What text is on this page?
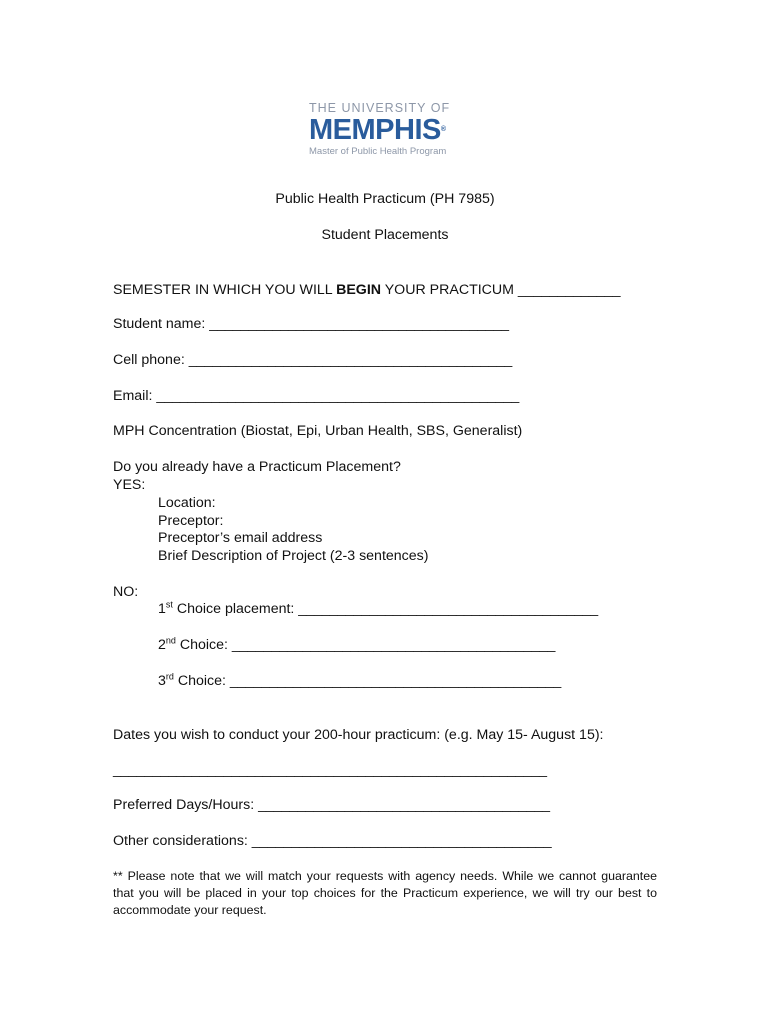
THE UNIVERSITY OF
MEMPHIS®
Master of Public Health Program
Public Health Practicum (PH 7985)
Student Placements
SEMESTER IN WHICH YOU WILL BEGIN YOUR PRACTICUM _____________
Student name: ______________________________________
Cell phone: _________________________________________
Email: ______________________________________________
MPH Concentration (Biostat, Epi, Urban Health, SBS, Generalist)
Do you already have a Practicum Placement?
YES:
Location:
Preceptor:
Preceptor’s email address
Brief Description of Project (2-3 sentences)
NO:
1st Choice placement: ______________________________________
2nd Choice: _________________________________________
3rd Choice: __________________________________________
Dates you wish to conduct your 200-hour practicum: (e.g. May 15- August 15):
_______________________________________________________
Preferred Days/Hours: _____________________________________
Other considerations: ______________________________________
** Please note that we will match your requests with agency needs. While we cannot guarantee that you will be placed in your top choices for the Practicum experience, we will try our best to accommodate your request.
